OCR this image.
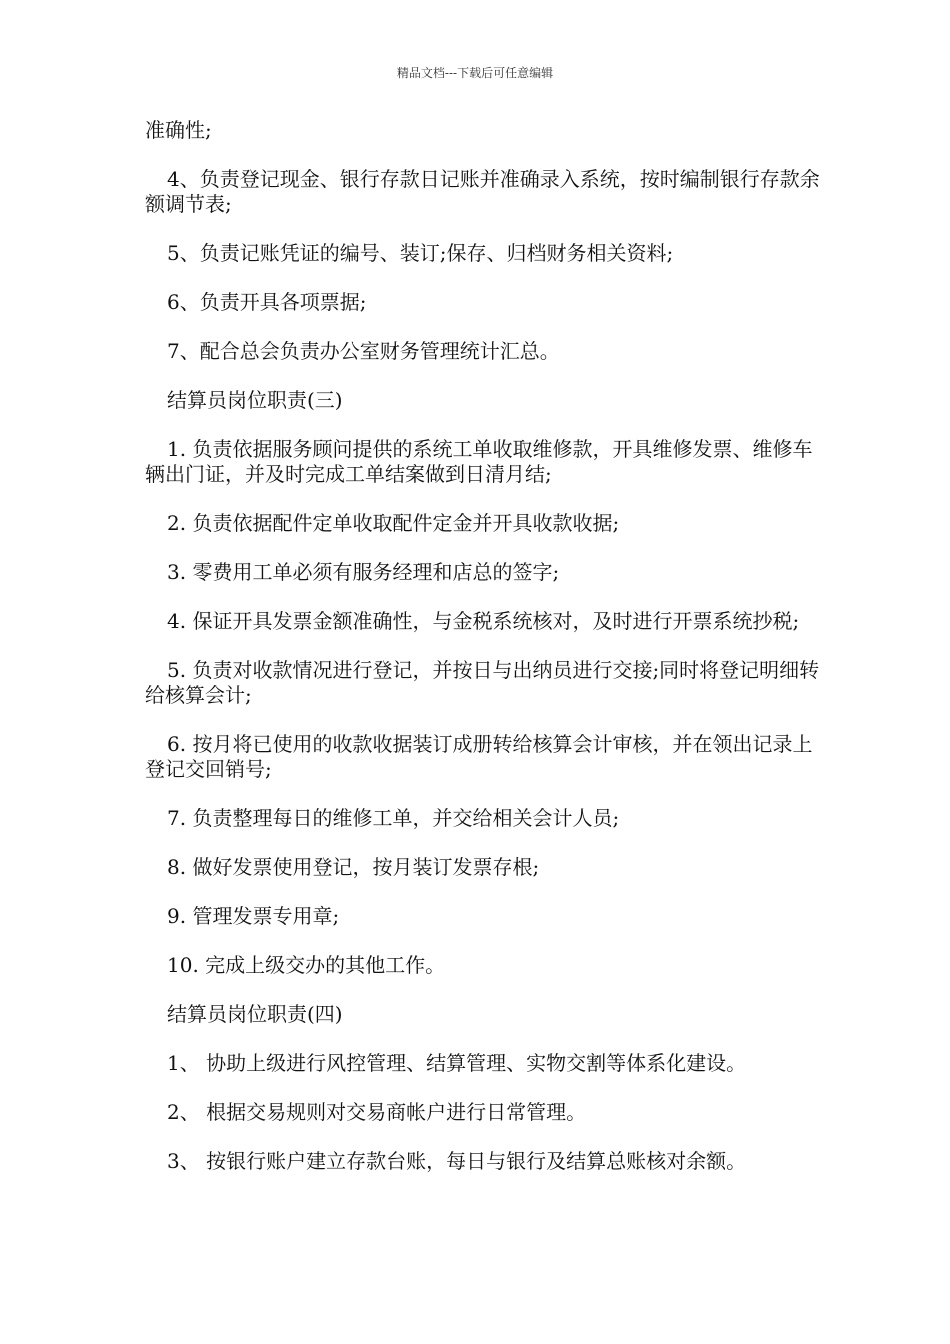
精品文档---下载后可任意编辑

准确性;

4、负责登记现金、银行存款日记账并准确录入系统，按时编制银行存款余额调节表;

5、负责记账凭证的编号、装订;保存、归档财务相关资料;

6、负责开具各项票据;

7、配合总会负责办公室财务管理统计汇总。

结算员岗位职责(三)

1. 负责依据服务顾问提供的系统工单收取维修款，开具维修发票、维修车辆出门证，并及时完成工单结案做到日清月结;

2. 负责依据配件定单收取配件定金并开具收款收据;

3. 零费用工单必须有服务经理和店总的签字;

4. 保证开具发票金额准确性，与金税系统核对，及时进行开票系统抄税;

5. 负责对收款情况进行登记，并按日与出纳员进行交接;同时将登记明细转给核算会计;

6. 按月将已使用的收款收据装订成册转给核算会计审核，并在领出记录上登记交回销号;

7. 负责整理每日的维修工单，并交给相关会计人员;

8. 做好发票使用登记，按月装订发票存根;

9. 管理发票专用章;

10. 完成上级交办的其他工作。

结算员岗位职责(四)

1、 协助上级进行风控管理、结算管理、实物交割等体系化建设。

2、 根据交易规则对交易商帐户进行日常管理。

3、 按银行账户建立存款台账，每日与银行及结算总账核对余额。
